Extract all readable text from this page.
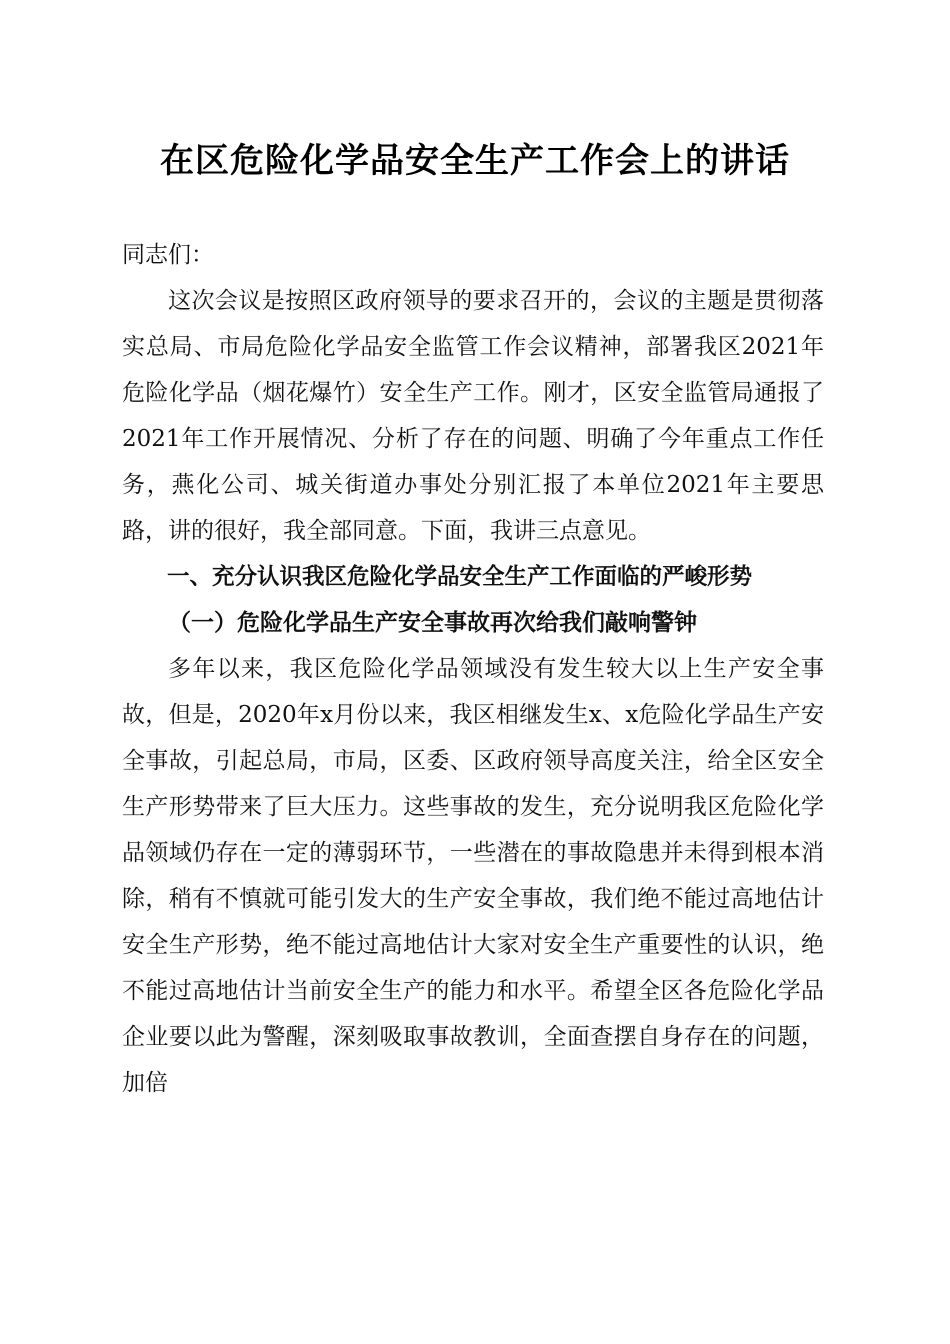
在区危险化学品安全生产工作会上的讲话

同志们：

这次会议是按照区政府领导的要求召开的，会议的主题是贯彻落实总局、市局危险化学品安全监管工作会议精神，部署我区2021年危险化学品（烟花爆竹）安全生产工作。刚才，区安全监管局通报了2021年工作开展情况、分析了存在的问题、明确了今年重点工作任务，燕化公司、城关街道办事处分别汇报了本单位2021年主要思路，讲的很好，我全部同意。下面，我讲三点意见。

一、充分认识我区危险化学品安全生产工作面临的严峻形势

（一）危险化学品生产安全事故再次给我们敲响警钟

多年以来，我区危险化学品领域没有发生较大以上生产安全事故，但是，2020年x月份以来，我区相继发生x、x危险化学品生产安全事故，引起总局，市局，区委、区政府领导高度关注，给全区安全生产形势带来了巨大压力。这些事故的发生，充分说明我区危险化学品领域仍存在一定的薄弱环节，一些潜在的事故隐患并未得到根本消除，稍有不慎就可能引发大的生产安全事故，我们绝不能过高地估计安全生产形势，绝不能过高地估计大家对安全生产重要性的认识，绝不能过高地估计当前安全生产的能力和水平。希望全区各危险化学品企业要以此为警醒，深刻吸取事故教训，全面查摆自身存在的问题，加倍
